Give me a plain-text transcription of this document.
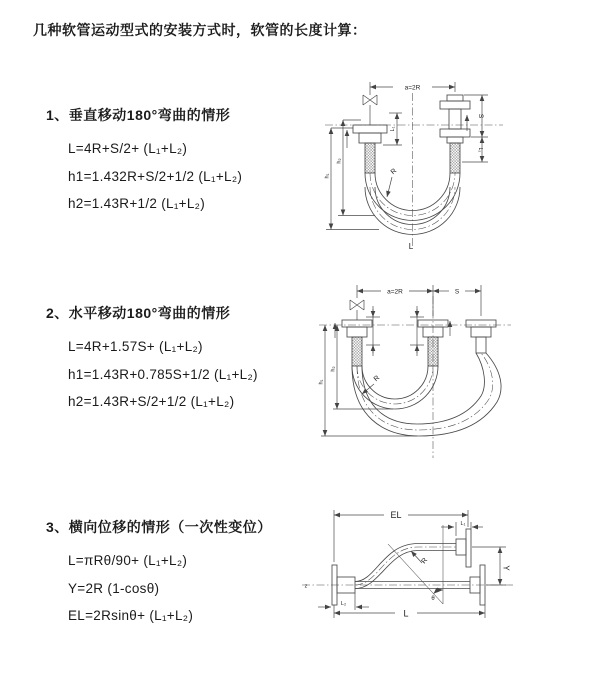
几种软管运动型式的安装方式时，软管的长度计算：
1、垂直移动180°弯曲的情形
L=4R+S/2+ (L₁+L₂)
h1=1.432R+S/2+1/2 (L₁+L₂)
h2=1.43R+1/2 (L₁+L₂)
2、水平移动180°弯曲的情形
L=4R+1.57S+ (L₁+L₂)
h1=1.43R+0.785S+1/2 (L₁+L₂)
h2=1.43R+S/2+1/2 (L₁+L₂)
3、横向位移的情形（一次性变位）
L=πRθ/90+ (L₁+L₂)
Y=2R (1-cosθ)
EL=2Rsinθ+ (L₁+L₂)
a=2R
L₁
S
L₂
h₂
h₁	R
L
a=2R	S
h₁
h₂
R
EL
L₁
Y
L
L₂
R
θ
z
